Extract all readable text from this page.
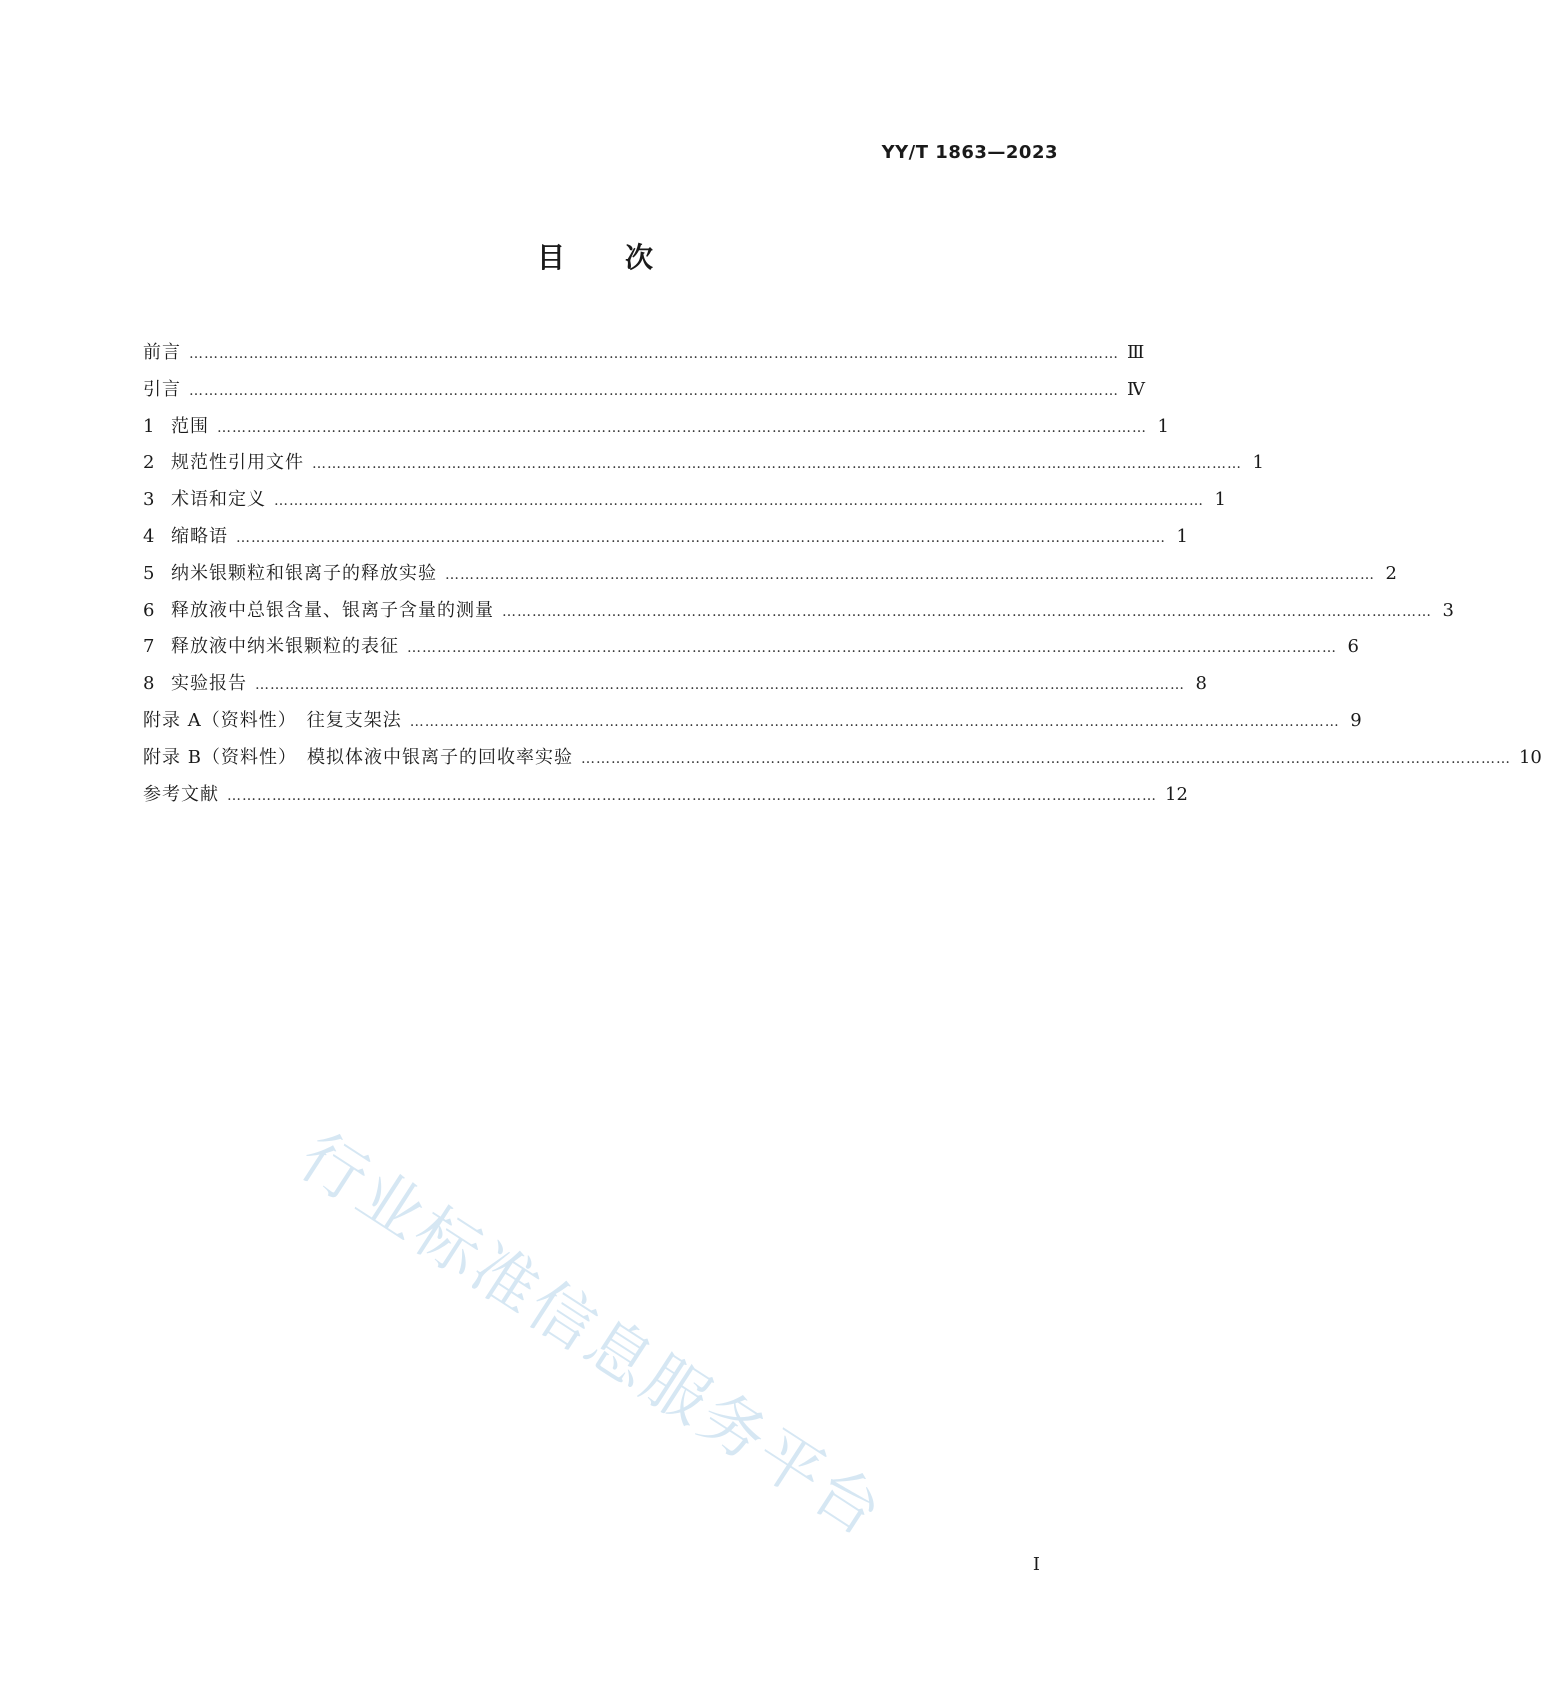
YY/T 1863—2023
目 次
前言 …………………………………………………………………………………………………………………………………………………………………… Ⅲ
引言 …………………………………………………………………………………………………………………………………………………………………… Ⅳ
1 范围 …………………………………………………………………………………………………………………………………………………………………… 1
2 规范性引用文件 …………………………………………………………………………………………………………………………………………………………………… 1
3 术语和定义 …………………………………………………………………………………………………………………………………………………………………… 1
4 缩略语 …………………………………………………………………………………………………………………………………………………………………… 1
5 纳米银颗粒和银离子的释放实验 …………………………………………………………………………………………………………………………………………………………………… 2
6 释放液中总银含量、银离子含量的测量 …………………………………………………………………………………………………………………………………………………………………… 3
7 释放液中纳米银颗粒的表征 …………………………………………………………………………………………………………………………………………………………………… 6
8 实验报告 …………………………………………………………………………………………………………………………………………………………………… 8
附录 A（资料性）　往复支架法 …………………………………………………………………………………………………………………………………………………………………… 9
附录 B（资料性）　模拟体液中银离子的回收率实验 …………………………………………………………………………………………………………………………………………………………………… 10
参考文献 …………………………………………………………………………………………………………………………………………………………………… 12
行业标准信息服务平台
I
